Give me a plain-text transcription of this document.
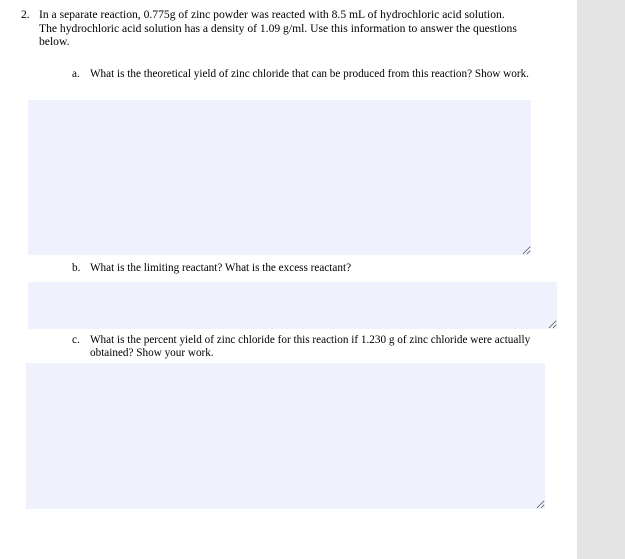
2. In a separate reaction, 0.775g of zinc powder was reacted with 8.5 mL of hydrochloric acid solution. The hydrochloric acid solution has a density of 1.09 g/ml. Use this information to answer the questions below.
a. What is the theoretical yield of zinc chloride that can be produced from this reaction? Show work.
b. What is the limiting reactant? What is the excess reactant?
c. What is the percent yield of zinc chloride for this reaction if 1.230 g of zinc chloride were actually obtained? Show your work.
